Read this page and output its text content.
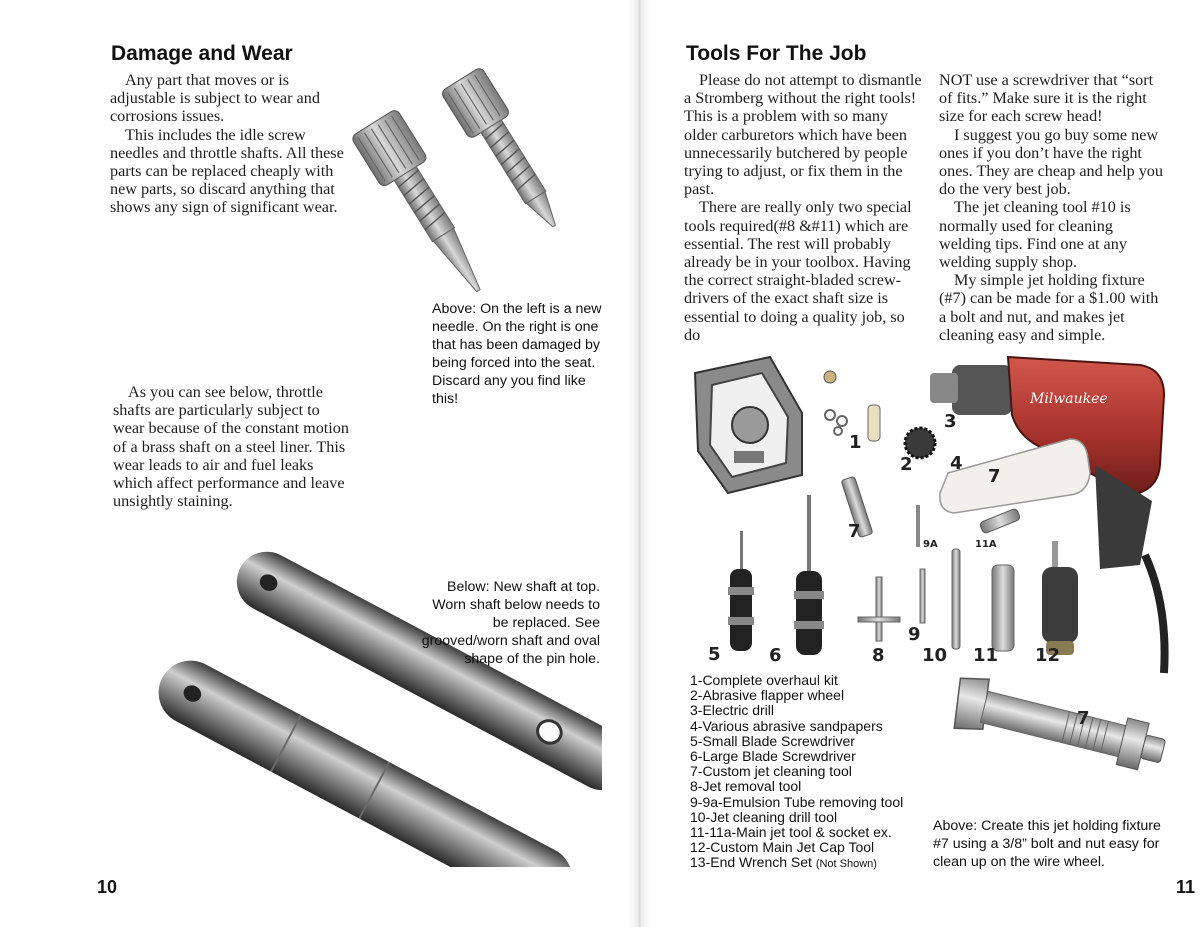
Damage and Wear

Any part that moves or is adjustable is subject to wear and corrosions issues.

This includes the idle screw needles and throttle shafts. All these parts can be replaced cheaply with new parts, so discard anything that shows any sign of significant wear.

Above: On the left is a new needle. On the right is one that has been damaged by being forced into the seat. Discard any you find like this!

As you can see below, throttle shafts are particularly subject to wear because of the constant motion of a brass shaft on a steel liner. This wear leads to air and fuel leaks which affect performance and leave unsightly staining.

Below: New shaft at top. Worn shaft below needs to be replaced. See grooved/worn shaft and oval shape of the pin hole.

10
Tools For The Job

Please do not attempt to dismantle a Stromberg without the right tools! This is a problem with so many older carburetors which have been unnecessarily butchered by people trying to adjust, or fix them in the past.

There are really only two special tools required(#8 &#11) which are essential. The rest will probably already be in your toolbox. Having the correct straight-bladed screw-drivers of the exact shaft size is essential to doing a quality job, so do

NOT use a screwdriver that “sort of fits.” Make sure it is the right size for each screw head!

I suggest you go buy some new ones if you don’t have the right ones. They are cheap and help you do the very best job.

The jet cleaning tool #10 is normally used for cleaning welding tips. Find one at any welding supply shop.

My simple jet holding fixture (#7) can be made for a $1.00 with a bolt and nut, and makes jet cleaning easy and simple.

Milwaukee
1
2
3
4
7
7
9A	11A
5	6	8
9
10 11 12
1-Complete overhaul kit
2-Abrasive flapper wheel
3-Electric drill
4-Various abrasive sandpapers
5-Small Blade Screwdriver
6-Large Blade Screwdriver
7-Custom jet cleaning tool
8-Jet removal tool
9-9a-Emulsion Tube removing tool
10-Jet cleaning drill tool
11-11a-Main jet tool & socket ex.
12-Custom Main Jet Cap Tool
13-End Wrench Set (Not Shown)
7

Above: Create this jet holding fixture #7 using a 3/8” bolt and nut easy for clean up on the wire wheel.

11
